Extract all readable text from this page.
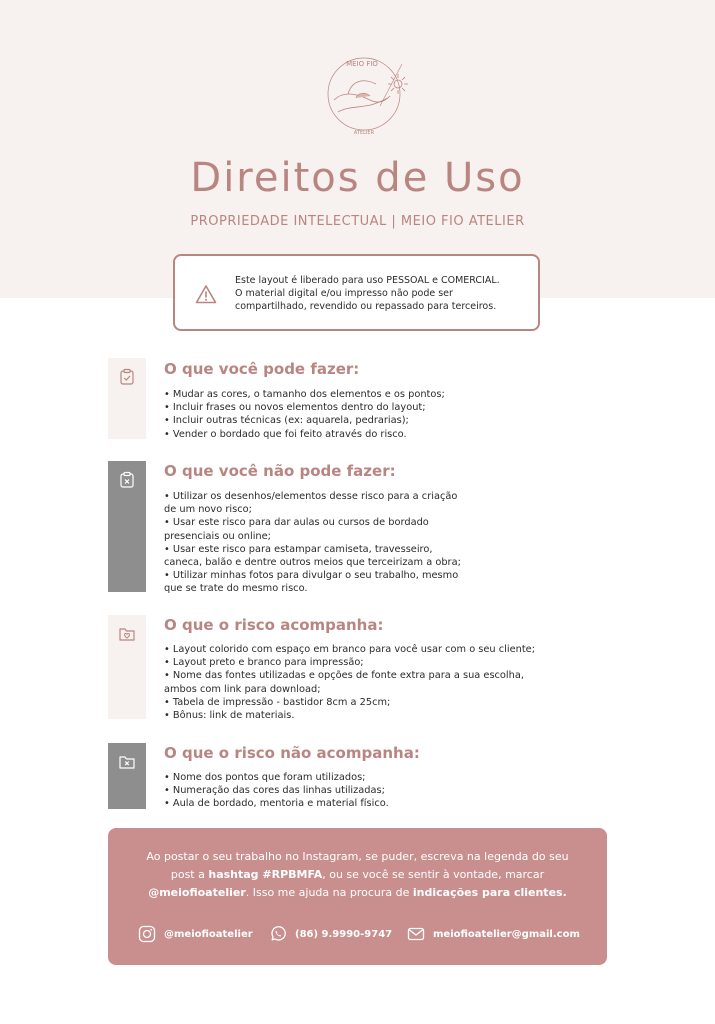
MEIO FIO
ATELIER
Direitos de Uso

PROPRIEDADE INTELECTUAL | MEIO FIO ATELIER

Este layout é liberado para uso PESSOAL e COMERCIAL.
O material digital e/ou impresso não pode ser
compartilhado, revendido ou repassado para terceiros.

O que você pode fazer:
• Mudar as cores, o tamanho dos elementos e os pontos;
• Incluir frases ou novos elementos dentro do layout;
• Incluir outras técnicas (ex: aquarela, pedrarias);
• Vender o bordado que foi feito através do risco.
O que você não pode fazer:
• Utilizar os desenhos/elementos desse risco para a criação
de um novo risco;
• Usar este risco para dar aulas ou cursos de bordado
presenciais ou online;
• Usar este risco para estampar camiseta, travesseiro,
caneca, balão e dentre outros meios que terceirizam a obra;
• Utilizar minhas fotos para divulgar o seu trabalho, mesmo
que se trate do mesmo risco.
O que o risco acompanha:
• Layout colorido com espaço em branco para você usar com o seu cliente;
• Layout preto e branco para impressão;
• Nome das fontes utilizadas e opções de fonte extra para a sua escolha,
ambos com link para download;
• Tabela de impressão - bastidor 8cm a 25cm;
• Bônus: link de materiais.
O que o risco não acompanha:
• Nome dos pontos que foram utilizados;
• Numeração das cores das linhas utilizadas;
• Aula de bordado, mentoria e material físico.

Ao postar o seu trabalho no Instagram, se puder, escreva na legenda do seu
post a hashtag #RPBMFA, ou se você se sentir à vontade, marcar
@meiofioatelier. Isso me ajuda na procura de indicações para clientes.

@meiofioatelier	(86) 9.9990-9747	meiofioatelier@gmail.com
